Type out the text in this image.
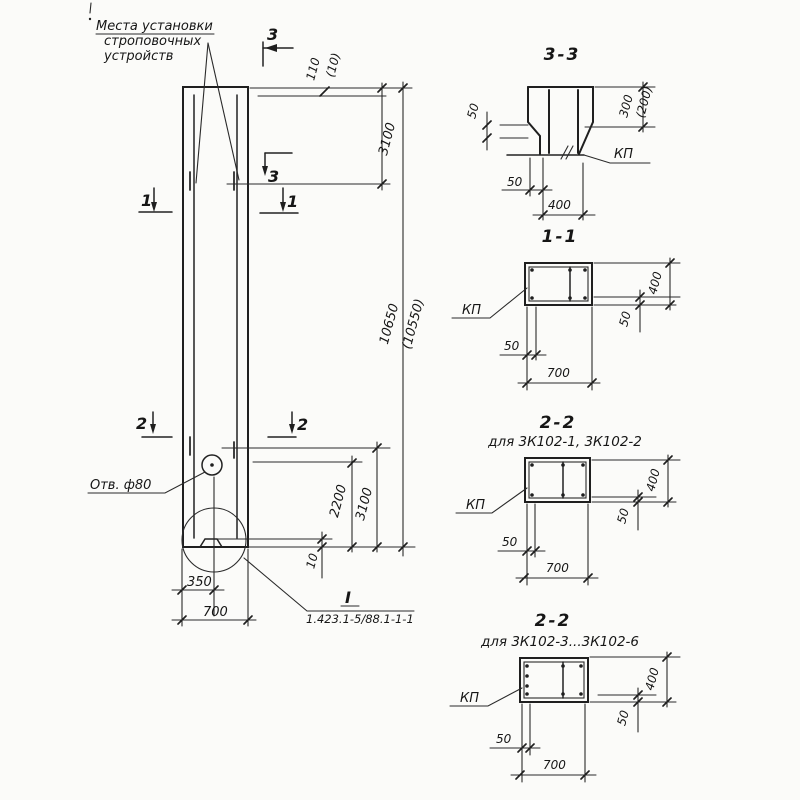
Места установки
строповочных
устройств
3
3
1	1
2	2
110 (10)
3100
10650
(10550)
2200 3100
10
350
700
Отв. ф80
I
1.423.1-5/88.1-1-1
3-3
КП
50	300
(200)
50
400
1-1
КП
400
50
50
700
2-2
для 3К102-1, 3К102-2
КП
400
50
50
700
2-2
для 3К102-3...3К102-6
КП
400
50
50
700
